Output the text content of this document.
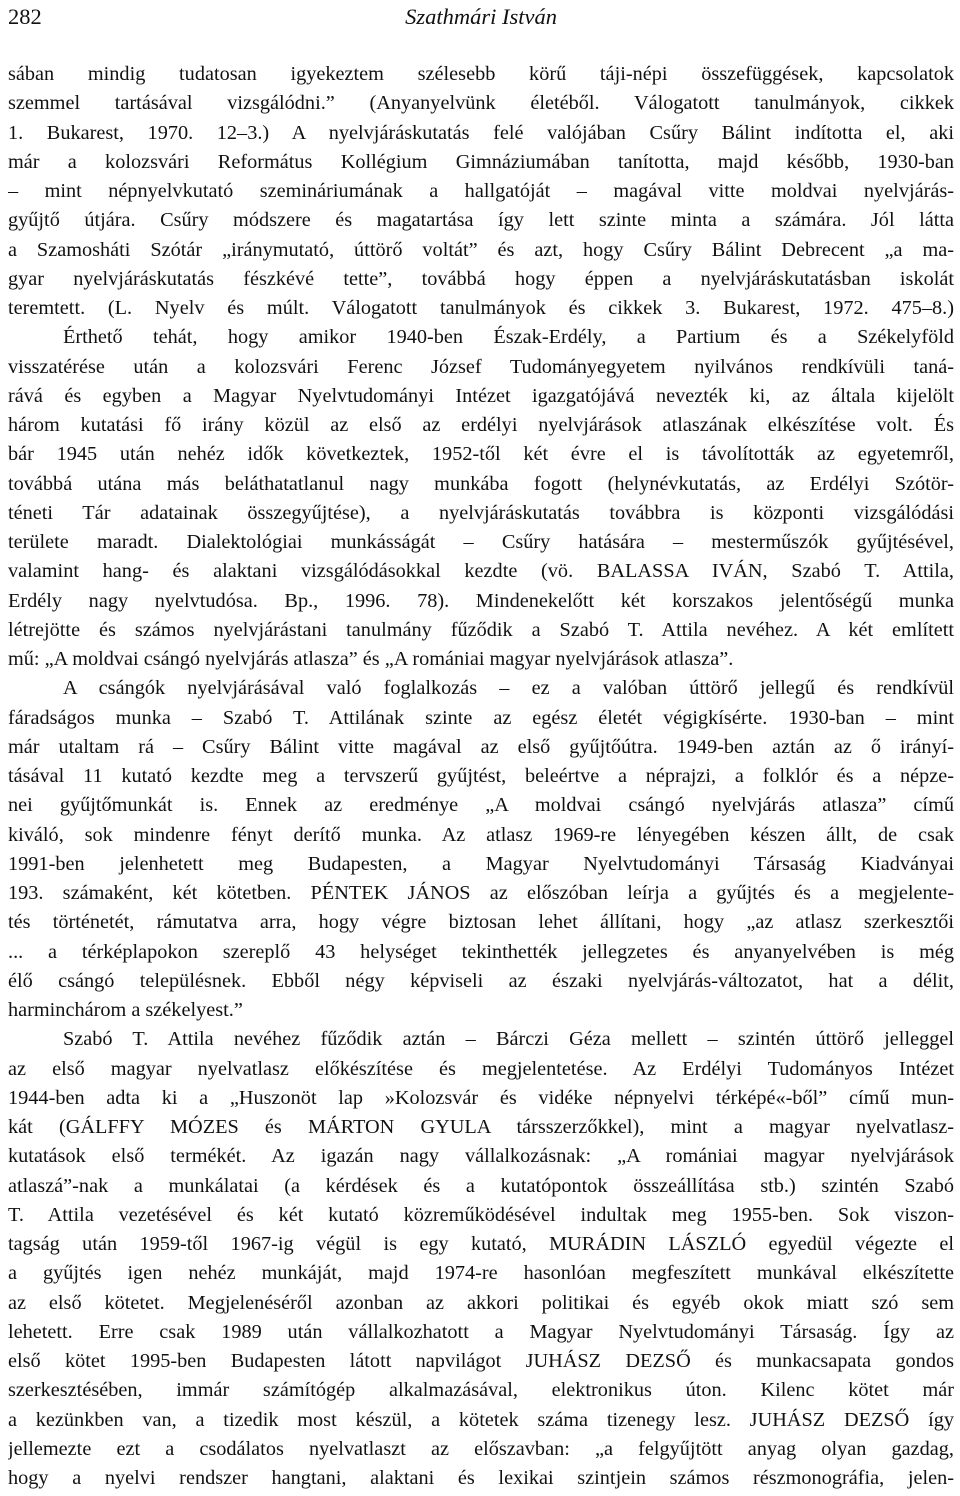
282	Szathmári István
sában mindig tudatosan igyekeztem szélesebb körű táji-népi összefüggések, kapcsolatok
szemmel tartásával vizsgálódni.” (Anyanyelvünk életéből. Válogatott tanulmányok, cikkek
1. Bukarest, 1970. 12–3.) A nyelvjáráskutatás felé valójában Csűry Bálint indította el, aki
már a kolozsvári Református Kollégium Gimnáziumában tanította, majd később, 1930-ban
– mint népnyelvkutató szemináriumának a hallgatóját – magával vitte moldvai nyelvjárás-
gyűjtő útjára. Csűry módszere és magatartása így lett szinte minta a számára. Jól látta
a Szamosháti Szótár „iránymutató, úttörő voltát” és azt, hogy Csűry Bálint Debrecent „a ma-
gyar nyelvjáráskutatás fészkévé tette”, továbbá hogy éppen a nyelvjáráskutatásban iskolát
teremtett. (L. Nyelv és múlt. Válogatott tanulmányok és cikkek 3. Bukarest, 1972. 475–8.)
Érthető tehát, hogy amikor 1940-ben Észak-Erdély, a Partium és a Székelyföld
visszatérése után a kolozsvári Ferenc József Tudományegyetem nyilvános rendkívüli taná-
rává és egyben a Magyar Nyelvtudományi Intézet igazgatójává nevezték ki, az általa kijelölt
három kutatási fő irány közül az első az erdélyi nyelvjárások atlaszának elkészítése volt. És
bár 1945 után nehéz idők következtek, 1952-től két évre el is távolították az egyetemről,
továbbá utána más beláthatatlanul nagy munkába fogott (helynévkutatás, az Erdélyi Szótör-
téneti Tár adatainak összegyűjtése), a nyelvjáráskutatás továbbra is központi vizsgálódási
területe maradt. Dialektológiai munkásságát – Csűry hatására – mesterműszók gyűjtésével,
valamint hang- és alaktani vizsgálódásokkal kezdte (vö. BALASSA IVÁN, Szabó T. Attila,
Erdély nagy nyelvtudósa. Bp., 1996. 78). Mindenekelőtt két korszakos jelentőségű munka
létrejötte és számos nyelvjárástani tanulmány fűződik a Szabó T. Attila nevéhez. A két említett
mű: „A moldvai csángó nyelvjárás atlasza” és „A romániai magyar nyelvjárások atlasza”.
A csángók nyelvjárásával való foglalkozás – ez a valóban úttörő jellegű és rendkívül
fáradságos munka – Szabó T. Attilának szinte az egész életét végigkísérte. 1930-ban – mint
már utaltam rá – Csűry Bálint vitte magával az első gyűjtőútra. 1949-ben aztán az ő irányí-
tásával 11 kutató kezdte meg a tervszerű gyűjtést, beleértve a néprajzi, a folklór és a népze-
nei gyűjtőmunkát is. Ennek az eredménye „A moldvai csángó nyelvjárás atlasza” című
kiváló, sok mindenre fényt derítő munka. Az atlasz 1969-re lényegében készen állt, de csak
1991-ben jelenhetett meg Budapesten, a Magyar Nyelvtudományi Társaság Kiadványai
193. számaként, két kötetben. PÉNTEK JÁNOS az előszóban leírja a gyűjtés és a megjelente-
tés történetét, rámutatva arra, hogy végre biztosan lehet állítani, hogy „az atlasz szerkesztői
... a térképlapokon szereplő 43 helységet tekinthették jellegzetes és anyanyelvében is még
élő csángó településnek. Ebből négy képviseli az északi nyelvjárás-változatot, hat a délit,
harminchárom a székelyest.”
Szabó T. Attila nevéhez fűződik aztán – Bárczi Géza mellett – szintén úttörő jelleggel
az első magyar nyelvatlasz előkészítése és megjelentetése. Az Erdélyi Tudományos Intézet
1944-ben adta ki a „Huszonöt lap »Kolozsvár és vidéke népnyelvi térképé«-ből” című mun-
kát (GÁLFFY MÓZES és MÁRTON GYULA társszerzőkkel), mint a magyar nyelvatlasz-
kutatások első termékét. Az igazán nagy vállalkozásnak: „A romániai magyar nyelvjárások
atlaszá”-nak a munkálatai (a kérdések és a kutatópontok összeállítása stb.) szintén Szabó
T. Attila vezetésével és két kutató közreműködésével indultak meg 1955-ben. Sok viszon-
tagság után 1959-től 1967-ig végül is egy kutató, MURÁDIN LÁSZLÓ egyedül végezte el
a gyűjtés igen nehéz munkáját, majd 1974-re hasonlóan megfeszített munkával elkészítette
az első kötetet. Megjelenéséről azonban az akkori politikai és egyéb okok miatt szó sem
lehetett. Erre csak 1989 után vállalkozhatott a Magyar Nyelvtudományi Társaság. Így az
első kötet 1995-ben Budapesten látott napvilágot JUHÁSZ DEZSŐ és munkacsapata gondos
szerkesztésében, immár számítógép alkalmazásával, elektronikus úton. Kilenc kötet már
a kezünkben van, a tizedik most készül, a kötetek száma tizenegy lesz. JUHÁSZ DEZSŐ így
jellemezte ezt a csodálatos nyelvatlaszt az előszavban: „a felgyűjtött anyag olyan gazdag,
hogy a nyelvi rendszer hangtani, alaktani és lexikai szintjein számos részmonográfia, jelen-
